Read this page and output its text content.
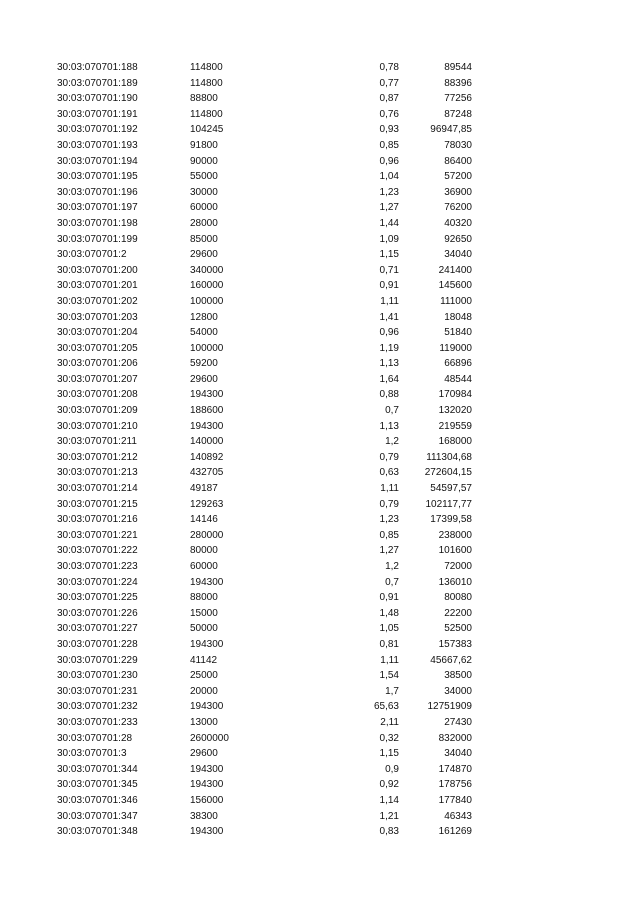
30:03:070701:188	114800	0,78	89544
30:03:070701:189	114800	0,77	88396
30:03:070701:190	88800	0,87	77256
30:03:070701:191	114800	0,76	87248
30:03:070701:192	104245	0,93	96947,85
30:03:070701:193	91800	0,85	78030
30:03:070701:194	90000	0,96	86400
30:03:070701:195	55000	1,04	57200
30:03:070701:196	30000	1,23	36900
30:03:070701:197	60000	1,27	76200
30:03:070701:198	28000	1,44	40320
30:03:070701:199	85000	1,09	92650
30:03:070701:2	29600	1,15	34040
30:03:070701:200	340000	0,71	241400
30:03:070701:201	160000	0,91	145600
30:03:070701:202	100000	1,11	111000
30:03:070701:203	12800	1,41	18048
30:03:070701:204	54000	0,96	51840
30:03:070701:205	100000	1,19	119000
30:03:070701:206	59200	1,13	66896
30:03:070701:207	29600	1,64	48544
30:03:070701:208	194300	0,88	170984
30:03:070701:209	188600	0,7	132020
30:03:070701:210	194300	1,13	219559
30:03:070701:211	140000	1,2	168000
30:03:070701:212	140892	0,79	111304,68
30:03:070701:213	432705	0,63	272604,15
30:03:070701:214	49187	1,11	54597,57
30:03:070701:215	129263	0,79	102117,77
30:03:070701:216	14146	1,23	17399,58
30:03:070701:221	280000	0,85	238000
30:03:070701:222	80000	1,27	101600
30:03:070701:223	60000	1,2	72000
30:03:070701:224	194300	0,7	136010
30:03:070701:225	88000	0,91	80080
30:03:070701:226	15000	1,48	22200
30:03:070701:227	50000	1,05	52500
30:03:070701:228	194300	0,81	157383
30:03:070701:229	41142	1,11	45667,62
30:03:070701:230	25000	1,54	38500
30:03:070701:231	20000	1,7	34000
30:03:070701:232	194300	65,63	12751909
30:03:070701:233	13000	2,11	27430
30:03:070701:28	2600000	0,32	832000
30:03:070701:3	29600	1,15	34040
30:03:070701:344	194300	0,9	174870
30:03:070701:345	194300	0,92	178756
30:03:070701:346	156000	1,14	177840
30:03:070701:347	38300	1,21	46343
30:03:070701:348	194300	0,83	161269
